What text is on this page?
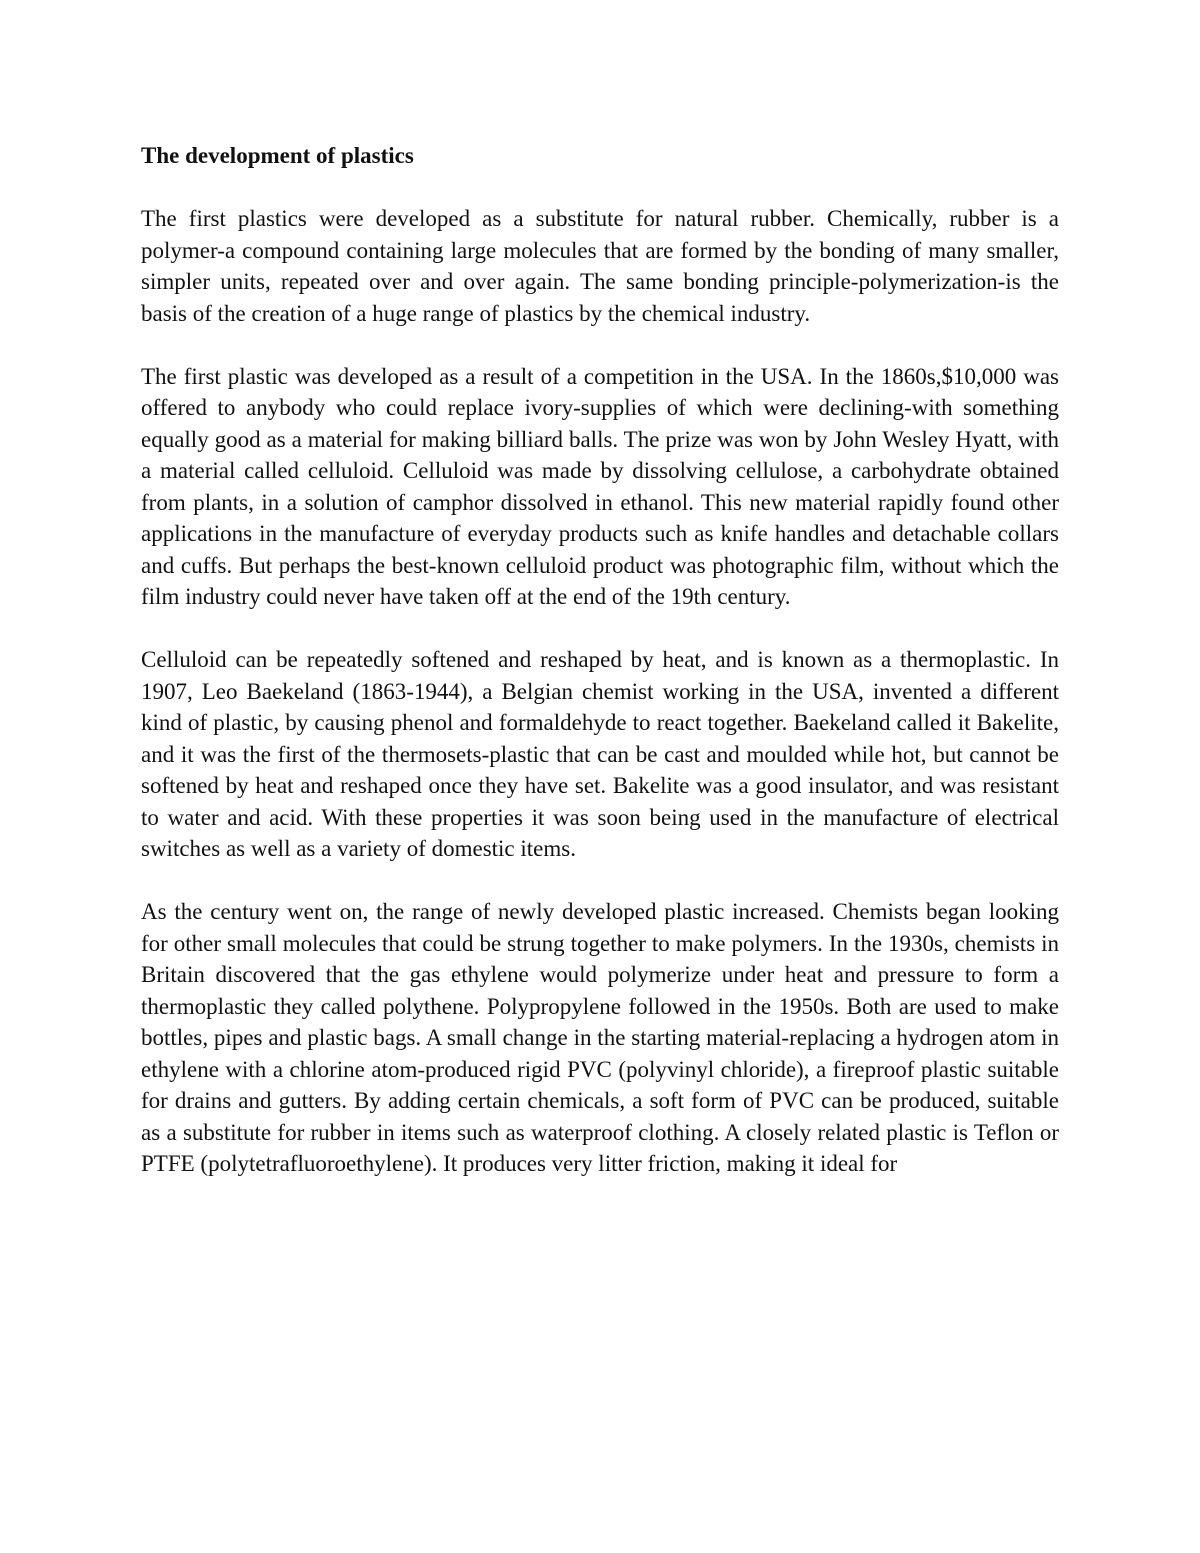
The development of plastics

The first plastics were developed as a substitute for natural rubber. Chemically, rubber is a polymer-a compound containing large molecules that are formed by the bonding of many smaller, simpler units, repeated over and over again. The same bonding principle-polymerization-is the basis of the creation of a huge range of plastics by the chemical industry.

The first plastic was developed as a result of a competition in the USA. In the 1860s,$10,000 was offered to anybody who could replace ivory-supplies of which were declining-with something equally good as a material for making billiard balls. The prize was won by John Wesley Hyatt, with a material called celluloid. Celluloid was made by dissolving cellulose, a carbohydrate obtained from plants, in a solution of camphor dissolved in ethanol. This new material rapidly found other applications in the manufacture of everyday products such as knife handles and detachable collars and cuffs. But perhaps the best-known celluloid product was photographic film, without which the film industry could never have taken off at the end of the 19th century.

Celluloid can be repeatedly softened and reshaped by heat, and is known as a thermoplastic. In 1907, Leo Baekeland (1863-1944), a Belgian chemist working in the USA, invented a different kind of plastic, by causing phenol and formaldehyde to react together. Baekeland called it Bakelite, and it was the first of the thermosets-plastic that can be cast and moulded while hot, but cannot be softened by heat and reshaped once they have set. Bakelite was a good insulator, and was resistant to water and acid. With these properties it was soon being used in the manufacture of electrical switches as well as a variety of domestic items.

As the century went on, the range of newly developed plastic increased. Chemists began looking for other small molecules that could be strung together to make polymers. In the 1930s, chemists in Britain discovered that the gas ethylene would polymerize under heat and pressure to form a thermoplastic they called polythene. Polypropylene followed in the 1950s. Both are used to make bottles, pipes and plastic bags. A small change in the starting material-replacing a hydrogen atom in ethylene with a chlorine atom-produced rigid PVC (polyvinyl chloride), a fireproof plastic suitable for drains and gutters. By adding certain chemicals, a soft form of PVC can be produced, suitable as a substitute for rubber in items such as waterproof clothing. A closely related plastic is Teflon or PTFE (polytetrafluoroethylene). It produces very litter friction, making it ideal for
